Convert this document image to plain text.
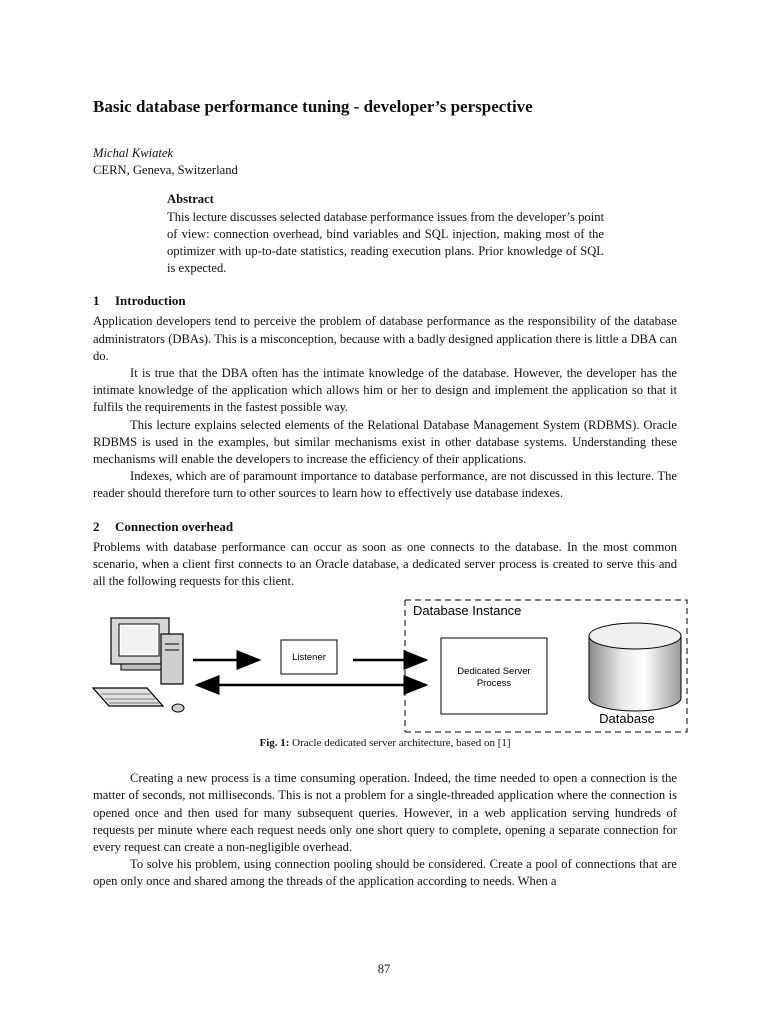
Basic database performance tuning - developer’s perspective
Michal Kwiatek
CERN, Geneva, Switzerland
Abstract

This lecture discusses selected database performance issues from the developer’s point of view: connection overhead, bind variables and SQL injection, making most of the optimizer with up-to-date statistics, reading execution plans. Prior knowledge of SQL is expected.

1 Introduction

Application developers tend to perceive the problem of database performance as the responsibility of the database administrators (DBAs). This is a misconception, because with a badly designed application there is little a DBA can do.

It is true that the DBA often has the intimate knowledge of the database. However, the developer has the intimate knowledge of the application which allows him or her to design and implement the application so that it fulfils the requirements in the fastest possible way.

This lecture explains selected elements of the Relational Database Management System (RDBMS). Oracle RDBMS is used in the examples, but similar mechanisms exist in other database systems. Understanding these mechanisms will enable the developers to increase the efficiency of their applications.

Indexes, which are of paramount importance to database performance, are not discussed in this lecture. The reader should therefore turn to other sources to learn how to effectively use database indexes.

2 Connection overhead

Problems with database performance can occur as soon as one connects to the database. In the most common scenario, when a client first connects to an Oracle database, a dedicated server process is created to serve this and all the following requests for this client.

Listener
Database Instance
Dedicated Server
Process
Database
Fig. 1: Oracle dedicated server architecture, based on [1]

Creating a new process is a time consuming operation. Indeed, the time needed to open a connection is the matter of seconds, not milliseconds. This is not a problem for a single-threaded application where the connection is opened once and then used for many subsequent queries. However, in a web application serving hundreds of requests per minute where each request needs only one short query to complete, opening a separate connection for every request can create a non-negligible overhead.

To solve his problem, using connection pooling should be considered. Create a pool of connections that are open only once and shared among the threads of the application according to needs. When a

87
